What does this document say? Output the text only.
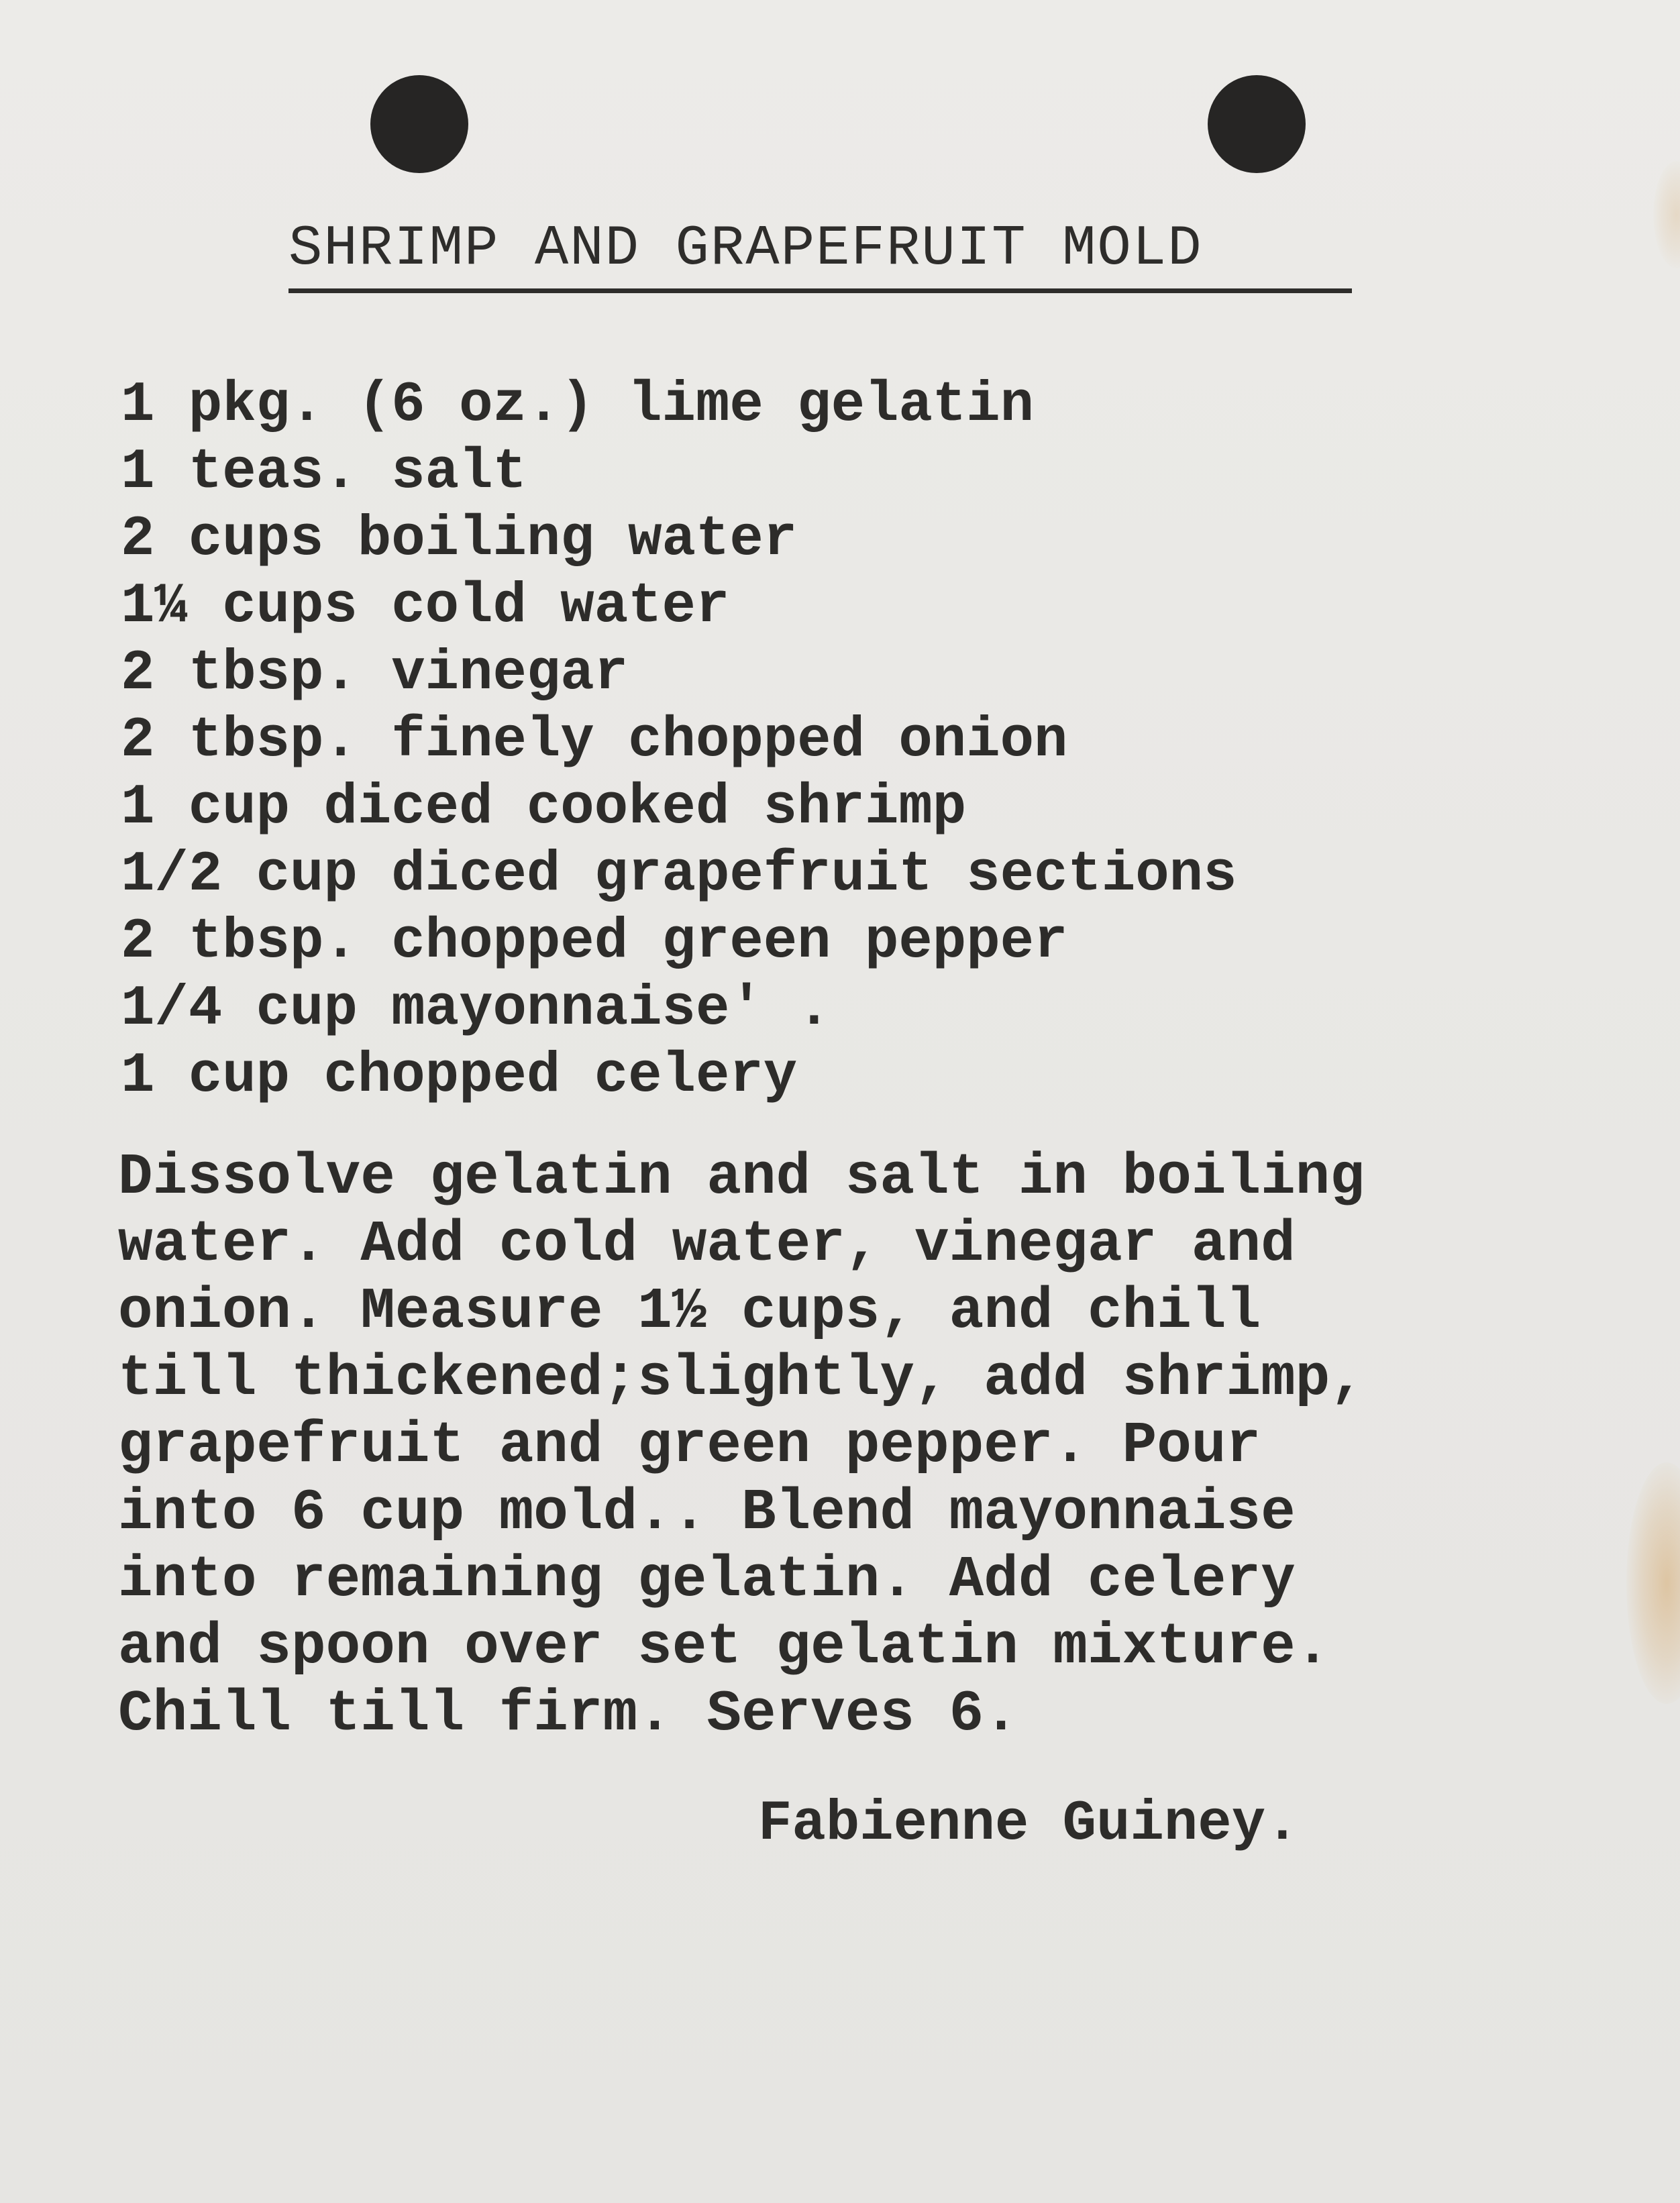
SHRIMP AND GRAPEFRUIT MOLD
1 pkg. (6 oz.) lime gelatin
1 teas. salt
2 cups boiling water
1¼ cups cold water
2 tbsp. vinegar
2 tbsp. finely chopped onion
1 cup diced cooked shrimp
1/2 cup diced grapefruit sections
2 tbsp. chopped green pepper
1/4 cup mayonnaise' .
1 cup chopped celery
Dissolve gelatin and salt in boiling
water. Add cold water, vinegar and
onion. Measure 1½ cups, and chill
till thickened;slightly, add shrimp,
grapefruit and green pepper. Pour
into 6 cup mold.. Blend mayonnaise
into remaining gelatin. Add celery
and spoon over set gelatin mixture.
Chill till firm. Serves 6.
Fabienne Guiney.
